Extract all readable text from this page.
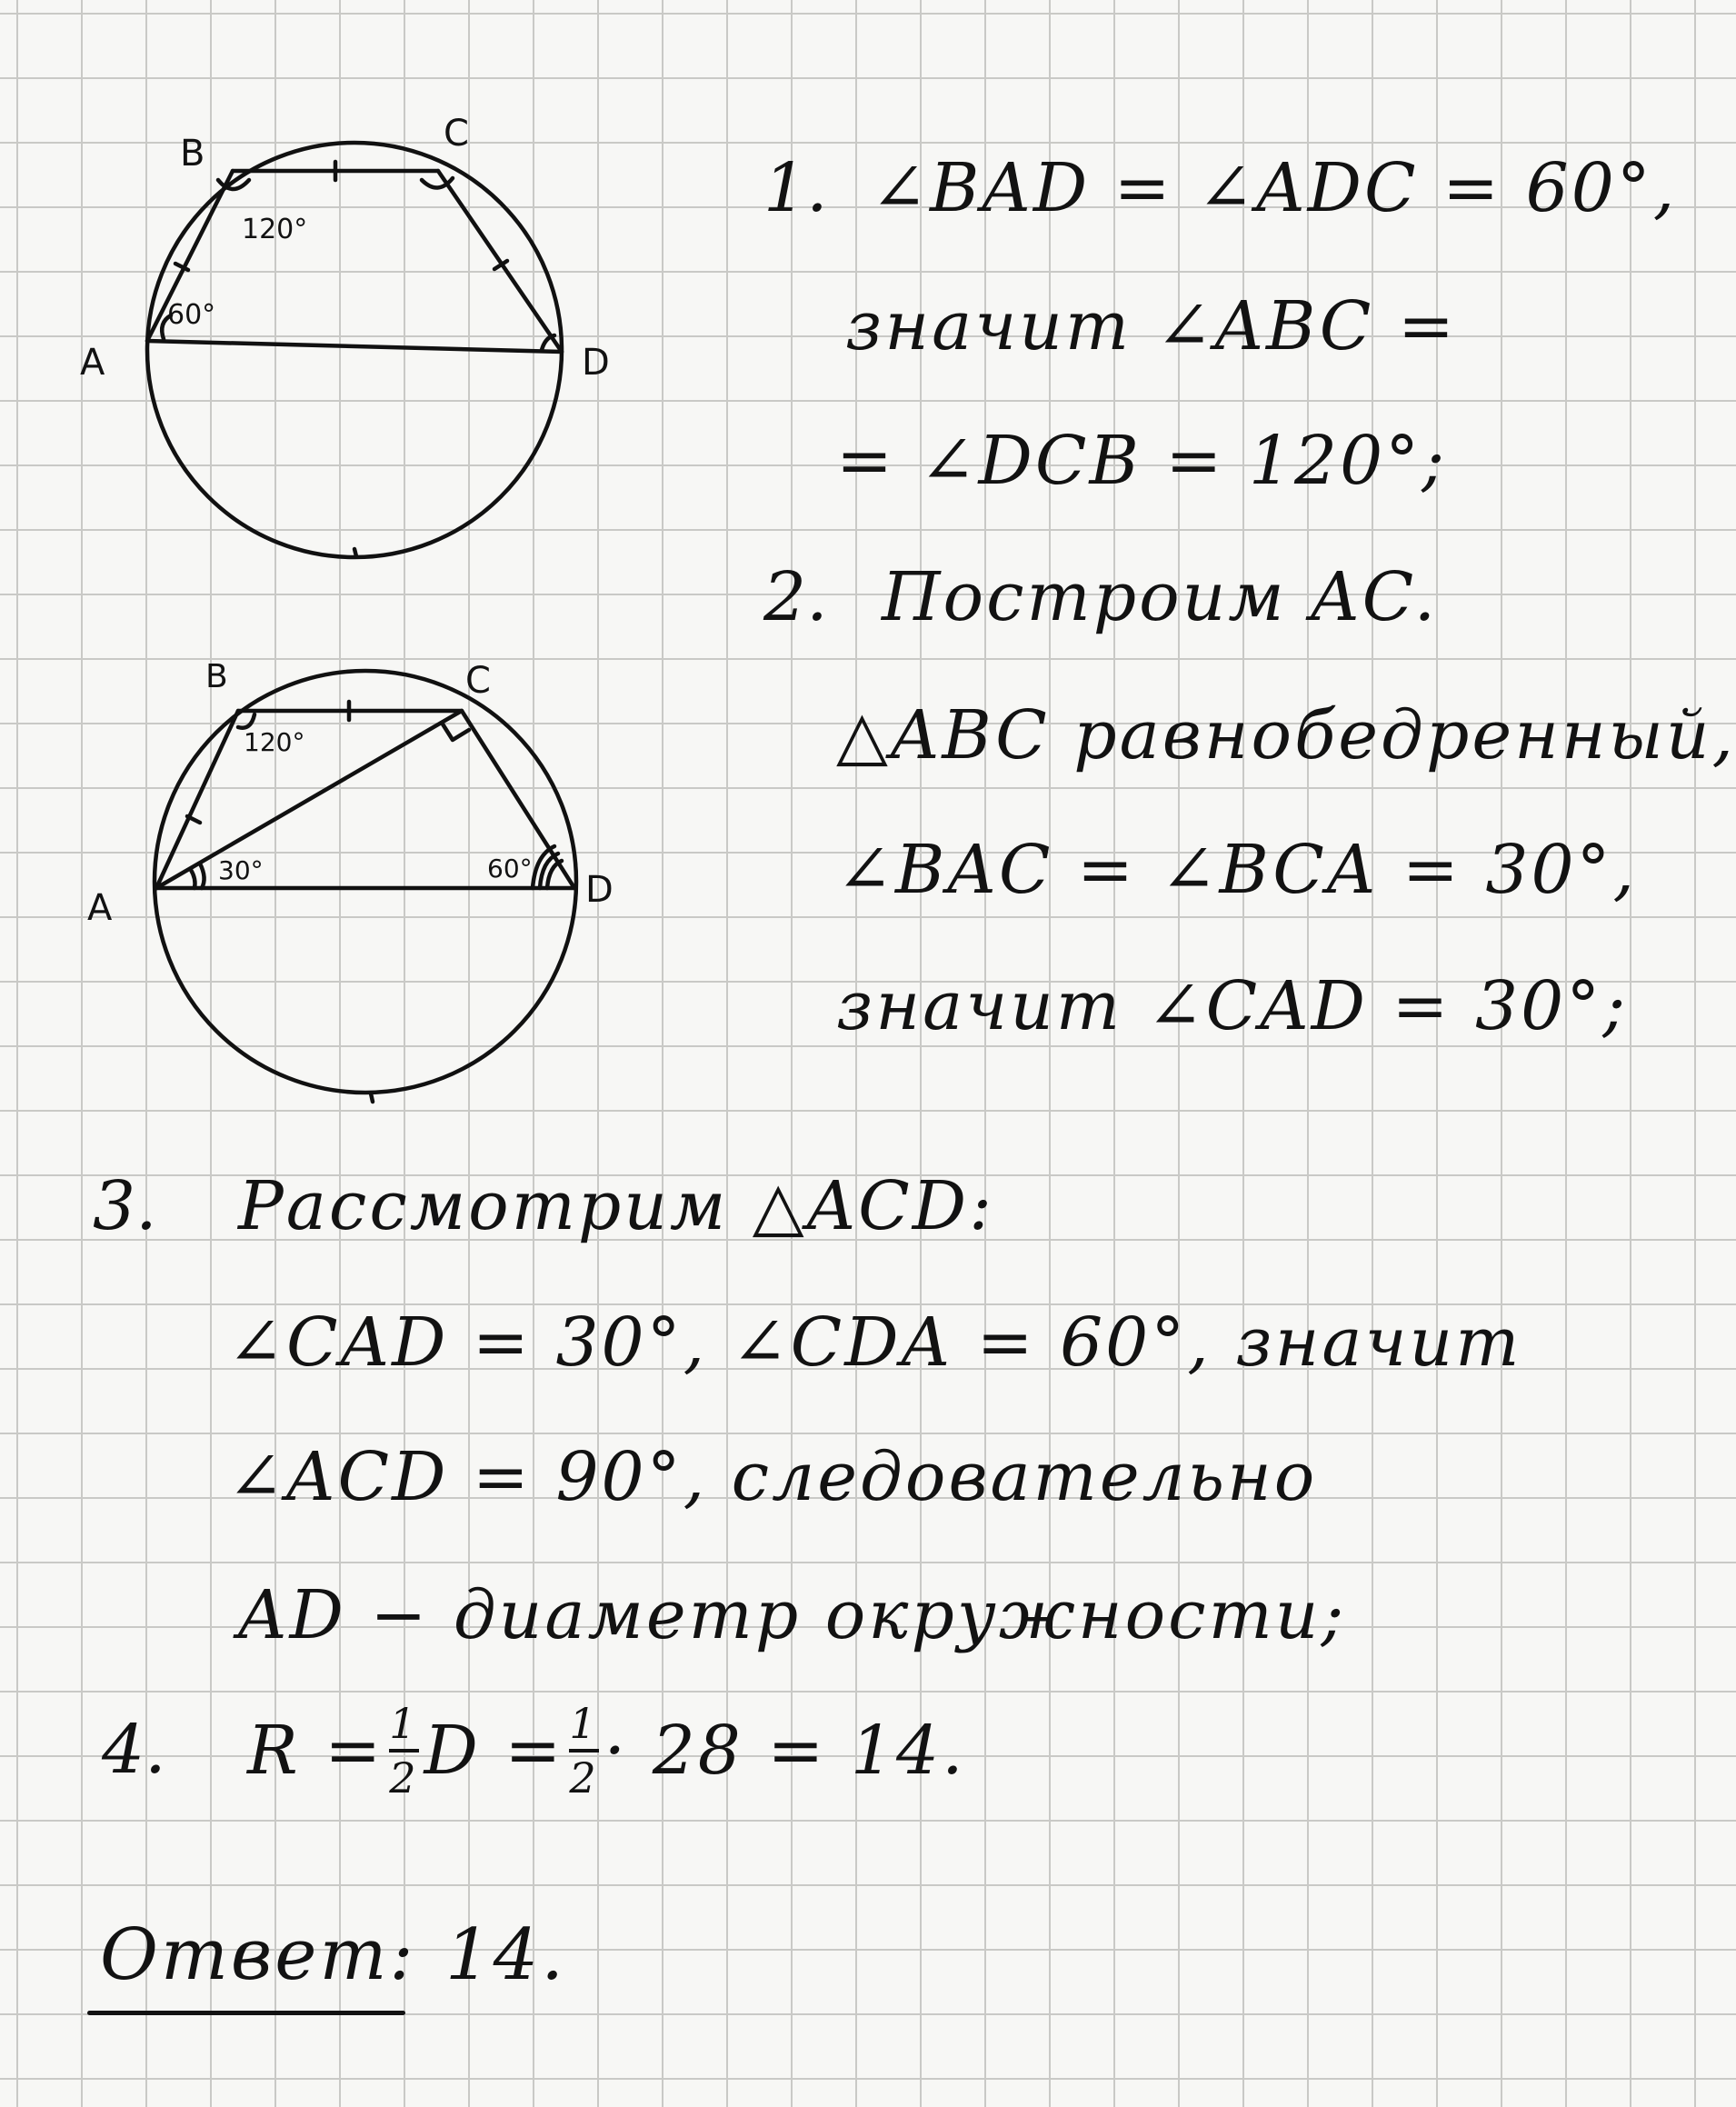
B	C
A	D
120°
60°
B	C
A	D
120°
30°	60°
1. ∠BAD = ∠ADC = 60°,
значит ∠ABC =
= ∠DCB = 120°;
2. Построим AC.
△ABC равнобедренный,
∠BAC = ∠BCA = 30°,
значит ∠CAD = 30°;
3. Рассмотрим △ACD:
∠CAD = 30°, ∠CDA = 60°, значит
∠ACD = 90°, следовательно
AD − диаметр окружности;
4. $R = \frac{1}{2}$ $D = \frac{1}{2} \cdot 28 = 14$.
Ответ: 14.
